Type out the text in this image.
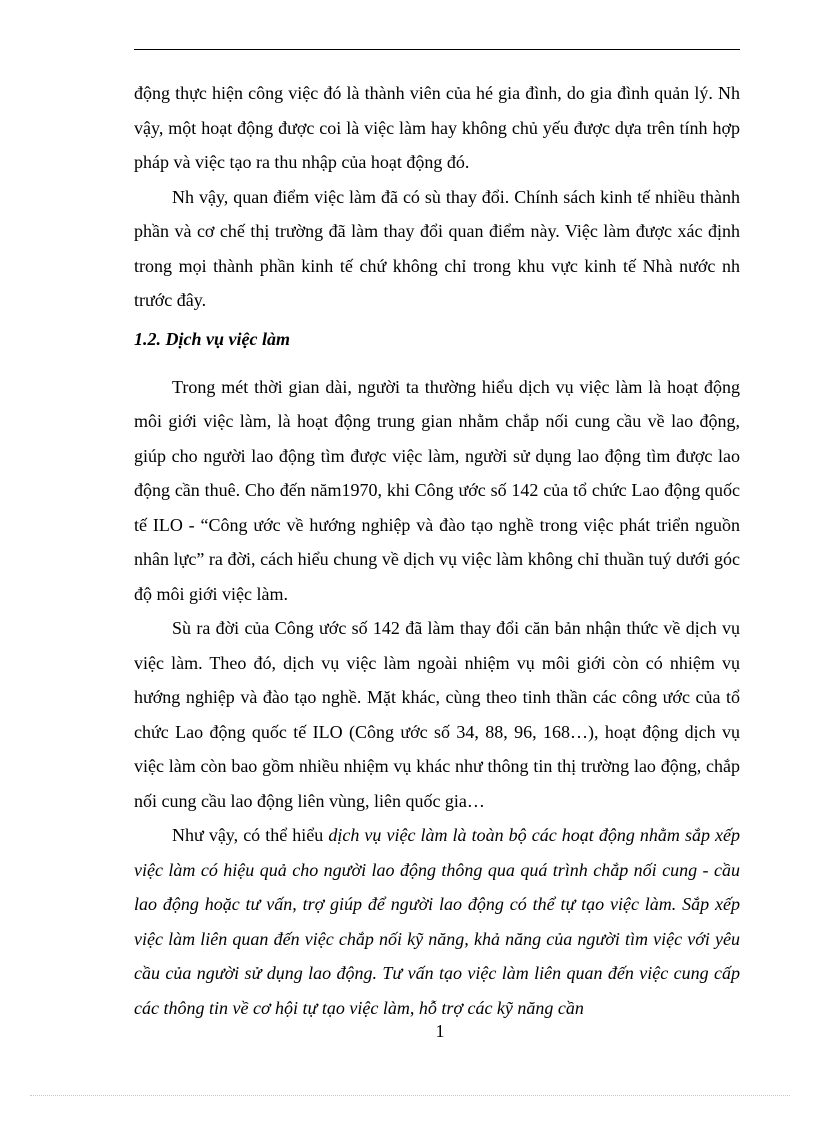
động thực hiện công việc đó là thành viên của hé gia đình, do gia đình quản lý. Nh vậy, một hoạt động được coi là việc làm hay không chủ yếu được dựa trên tính hợp pháp và việc tạo ra thu nhập của hoạt động đó.

Nh vậy, quan điểm việc làm đã có sù thay đổi. Chính sách kinh tế nhiều thành phần và cơ chế thị trường đã làm thay đổi quan điểm này. Việc làm được xác định trong mọi thành phần kinh tế chứ không chỉ trong khu vực kinh tế Nhà nước nh trước đây.

1.2. Dịch vụ việc làm

Trong mét thời gian dài, người ta thường hiểu dịch vụ việc làm là hoạt động môi giới việc làm, là hoạt động trung gian nhằm chắp nối cung cầu về lao động, giúp cho người lao động tìm được việc làm, người sử dụng lao động tìm được lao động cần thuê. Cho đến năm1970, khi Công ước số 142 của tổ chức Lao động quốc tế ILO - “Công ước về hướng nghiệp và đào tạo nghề trong việc phát triển nguồn nhân lực” ra đời, cách hiểu chung về dịch vụ việc làm không chỉ thuần tuý dưới góc độ môi giới việc làm.

Sù ra đời của Công ước số 142 đã làm thay đổi căn bản nhận thức về dịch vụ việc làm. Theo đó, dịch vụ việc làm ngoài nhiệm vụ môi giới còn có nhiệm vụ hướng nghiệp và đào tạo nghề. Mặt khác, cùng theo tinh thần các công ước của tổ chức Lao động quốc tế ILO (Công ước số 34, 88, 96, 168…), hoạt động dịch vụ việc làm còn bao gồm nhiều nhiệm vụ khác như thông tin thị trường lao động, chắp nối cung cầu lao động liên vùng, liên quốc gia…

Như vậy, có thể hiểu dịch vụ việc làm là toàn bộ các hoạt động nhằm sắp xếp việc làm có hiệu quả cho người lao động thông qua quá trình chắp nối cung - cầu lao động hoặc tư vấn, trợ giúp để người lao động có thể tự tạo việc làm. Sắp xếp việc làm liên quan đến việc chắp nối kỹ năng, khả năng của người tìm việc với yêu cầu của người sử dụng lao động. Tư vấn tạo việc làm liên quan đến việc cung cấp các thông tin về cơ hội tự tạo việc làm, hỗ trợ các kỹ năng cần

1
